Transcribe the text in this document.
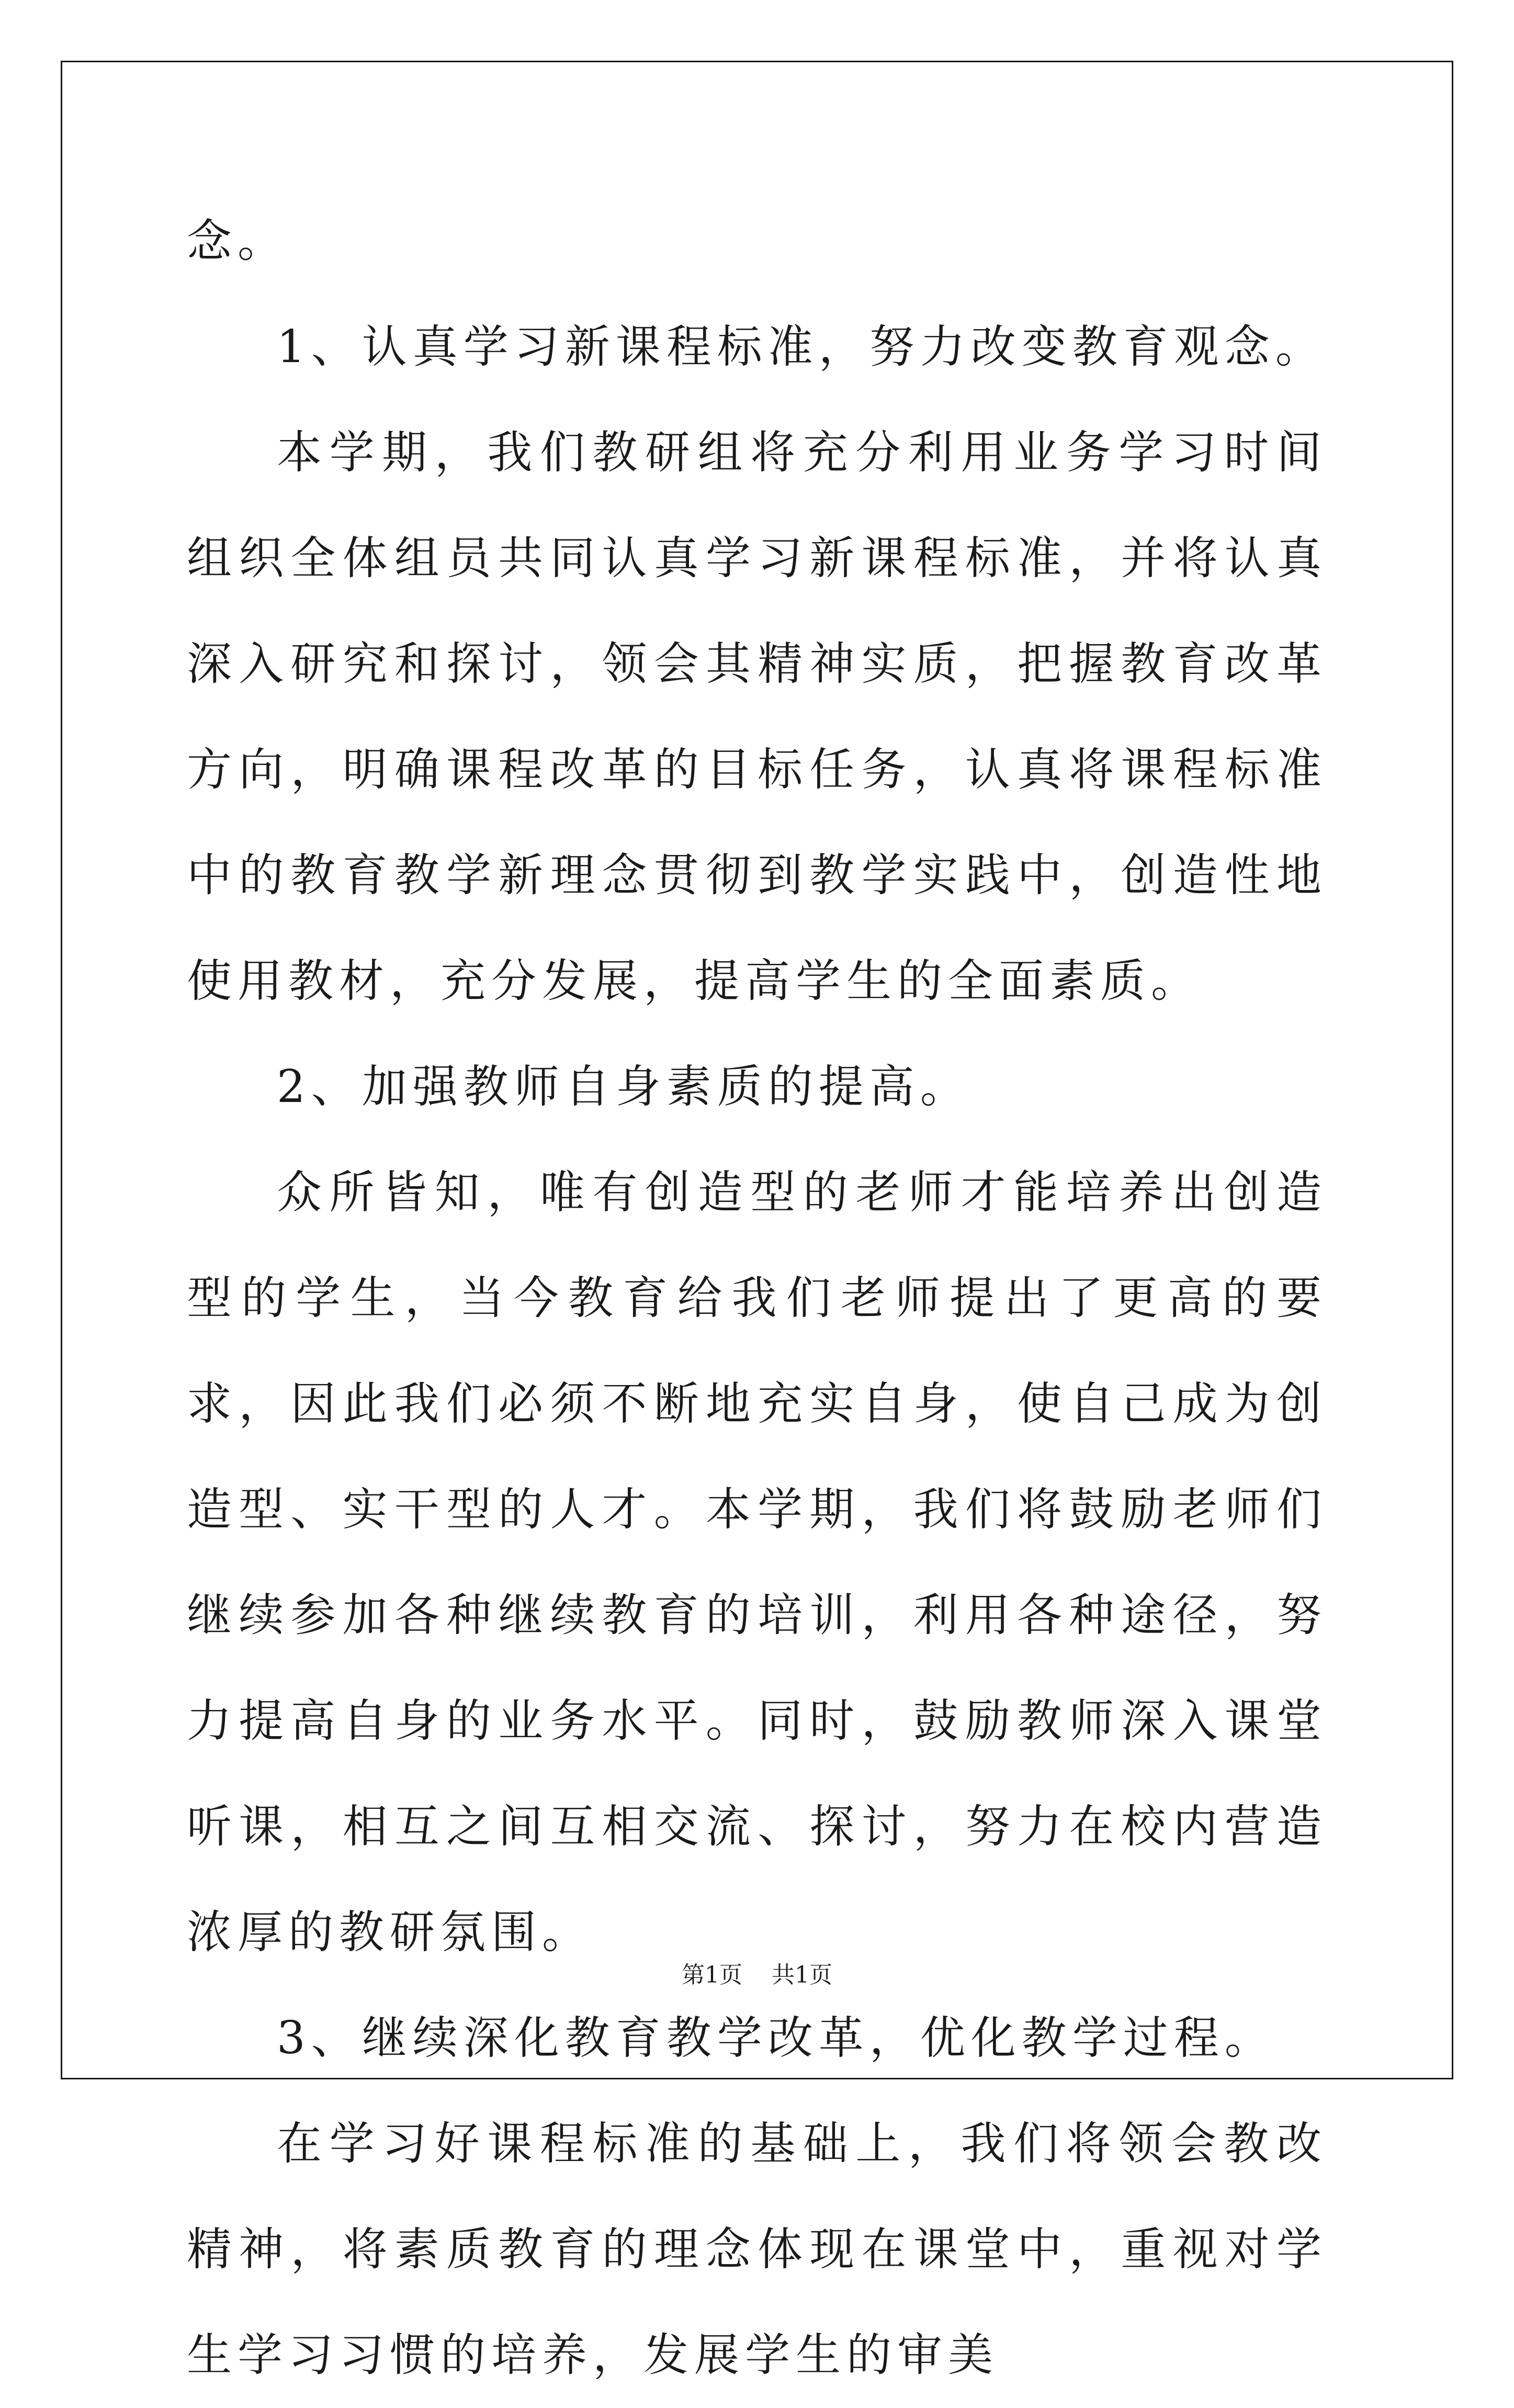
念。

1、认真学习新课程标准，努力改变教育观念。

本学期，我们教研组将充分利用业务学习时间组织全体组员共同认真学习新课程标准，并将认真深入研究和探讨，领会其精神实质，把握教育改革方向，明确课程改革的目标任务，认真将课程标准中的教育教学新理念贯彻到教学实践中，创造性地使用教材，充分发展，提高学生的全面素质。

2、加强教师自身素质的提高。

众所皆知，唯有创造型的老师才能培养出创造型的学生，当今教育给我们老师提出了更高的要求，因此我们必须不断地充实自身，使自己成为创造型、实干型的人才。本学期，我们将鼓励老师们继续参加各种继续教育的培训，利用各种途径，努力提高自身的业务水平。同时，鼓励教师深入课堂听课，相互之间互相交流、探讨，努力在校内营造浓厚的教研氛围。

3、继续深化教育教学改革，优化教学过程。

在学习好课程标准的基础上，我们将领会教改精神，将素质教育的理念体现在课堂中，重视对学生学习习惯的培养，发展学生的审美

第1页 共1页
